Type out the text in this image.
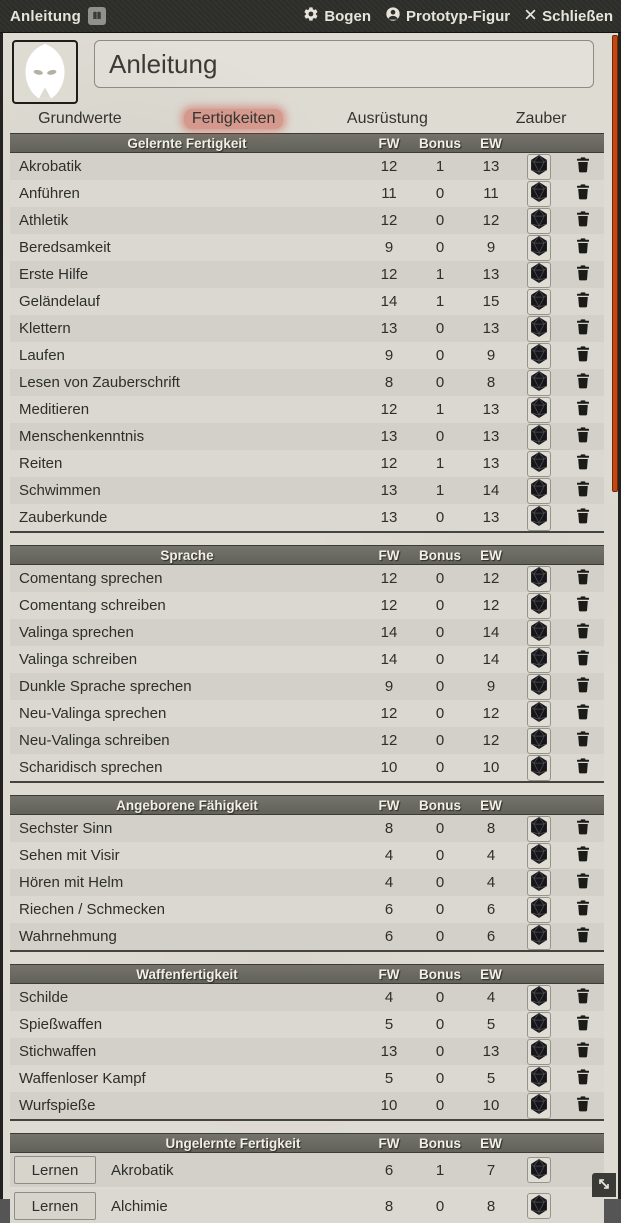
Anleitung	Bogen Prototyp-Figur Schließen
Anleitung
Grundwerte	Fertigkeiten	Ausrüstung	Zauber
Gelernte Fertigkeit	FW	Bonus	EW
Akrobatik	12	1	13
Anführen	11	0	11
Athletik	12	0	12
Beredsamkeit	9	0	9
Erste Hilfe	12	1	13
Geländelauf	14	1	15
Klettern	13	0	13
Laufen	9	0	9
Lesen von Zauberschrift	8	0	8
Meditieren	12	1	13
Menschenkenntnis	13	0	13
Reiten	12	1	13
Schwimmen	13	1	14
Zauberkunde	13	0	13
Sprache	FW	Bonus	EW
Comentang sprechen	12	0	12
Comentang schreiben	12	0	12
Valinga sprechen	14	0	14
Valinga schreiben	14	0	14
Dunkle Sprache sprechen	9	0	9
Neu-Valinga sprechen	12	0	12
Neu-Valinga schreiben	12	0	12
Scharidisch sprechen	10	0	10
Angeborene Fähigkeit	FW	Bonus	EW
Sechster Sinn	8	0	8
Sehen mit Visir	4	0	4
Hören mit Helm	4	0	4
Riechen / Schmecken	6	0	6
Wahrnehmung	6	0	6
Waffenfertigkeit	FW	Bonus	EW
Schilde	4	0	4
Spießwaffen	5	0	5
Stichwaffen	13	0	13
Waffenloser Kampf	5	0	5
Wurfspieße	10	0	10
Ungelernte Fertigkeit	FW	Bonus	EW
Lernen	Akrobatik	6	1	7
Lernen	Alchimie	8	0	8
